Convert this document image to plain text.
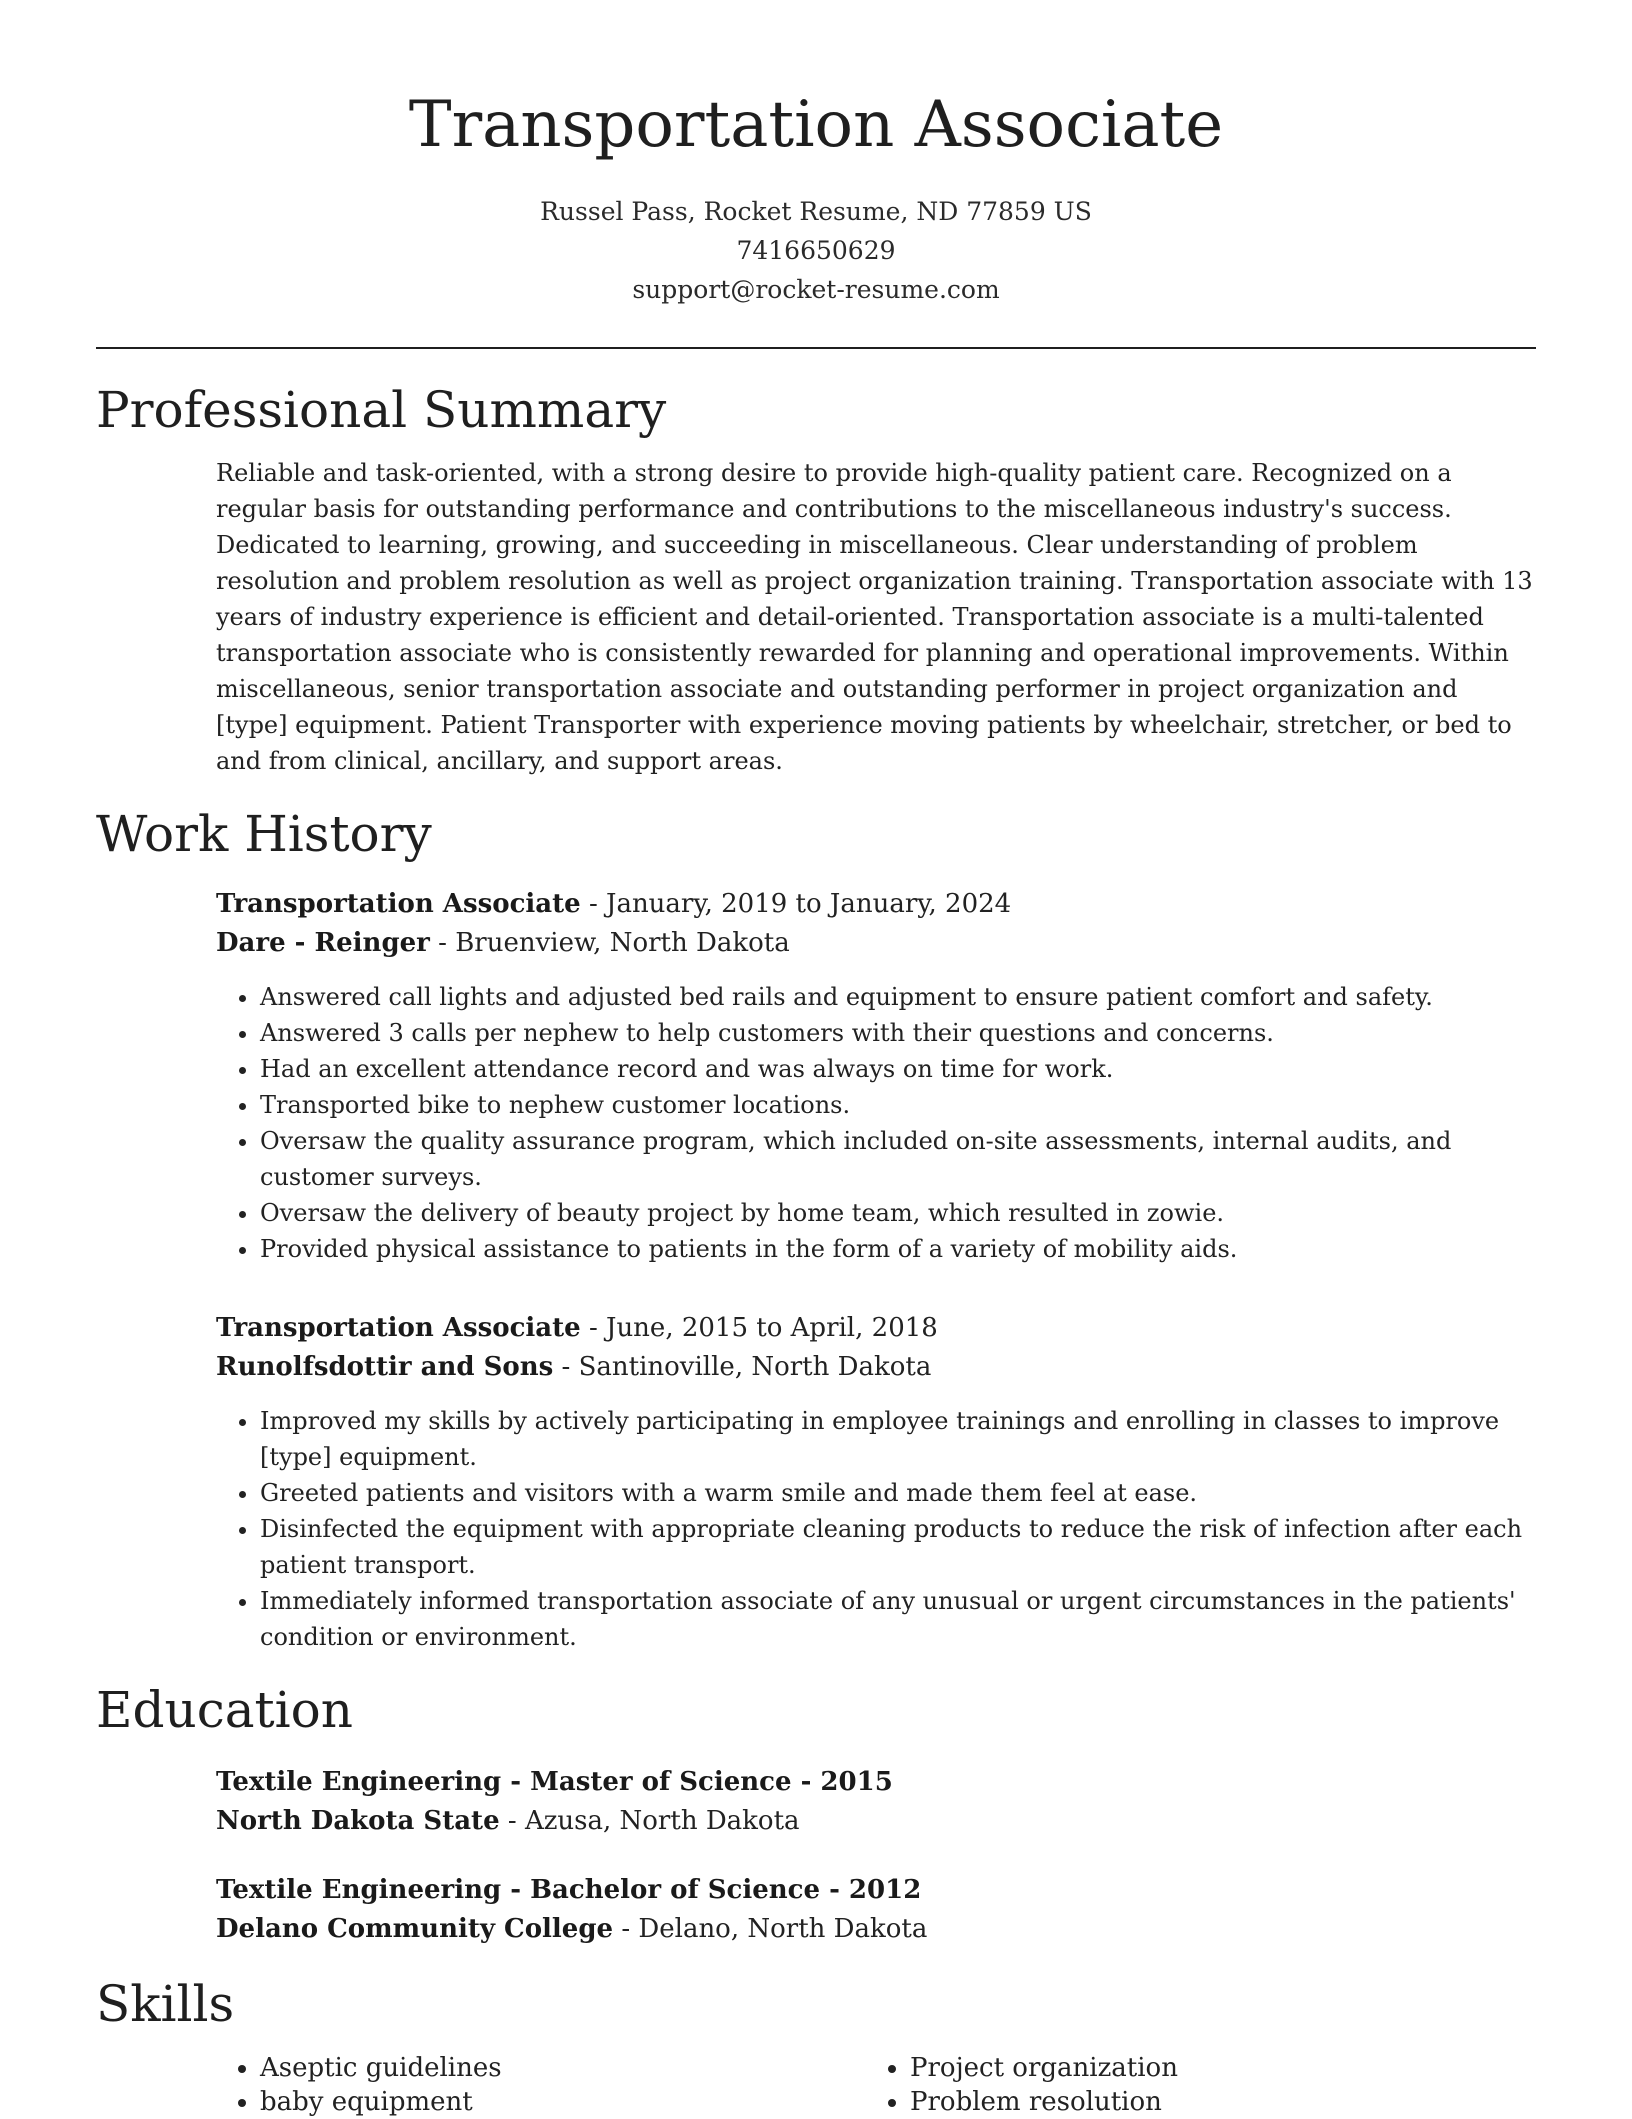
Transportation Associate

Russel Pass, Rocket Resume, ND 77859 US

7416650629

support@rocket-resume.com

Professional Summary

Reliable and task-oriented, with a strong desire to provide high-quality patient care. Recognized on a regular basis for outstanding performance and contributions to the miscellaneous industry's success. Dedicated to learning, growing, and succeeding in miscellaneous. Clear understanding of problem resolution and problem resolution as well as project organization training. Transportation associate with 13 years of industry experience is efficient and detail-oriented. Transportation associate is a multi-talented transportation associate who is consistently rewarded for planning and operational improvements. Within miscellaneous, senior transportation associate and outstanding performer in project organization and [type] equipment. Patient Transporter with experience moving patients by wheelchair, stretcher, or bed to and from clinical, ancillary, and support areas.

Work History

Transportation Associate - January, 2019 to January, 2024

Dare - Reinger - Bruenview, North Dakota

• Answered call lights and adjusted bed rails and equipment to ensure patient comfort and safety.
• Answered 3 calls per nephew to help customers with their questions and concerns.
• Had an excellent attendance record and was always on time for work.
• Transported bike to nephew customer locations.
• Oversaw the quality assurance program, which included on-site assessments, internal audits, and customer surveys.
• Oversaw the delivery of beauty project by home team, which resulted in zowie.
• Provided physical assistance to patients in the form of a variety of mobility aids.

Transportation Associate - June, 2015 to April, 2018

Runolfsdottir and Sons - Santinoville, North Dakota

• Improved my skills by actively participating in employee trainings and enrolling in classes to improve [type] equipment.
• Greeted patients and visitors with a warm smile and made them feel at ease.
• Disinfected the equipment with appropriate cleaning products to reduce the risk of infection after each patient transport.
• Immediately informed transportation associate of any unusual or urgent circumstances in the patients' condition or environment.
Education

Textile Engineering - Master of Science - 2015

North Dakota State - Azusa, North Dakota

Textile Engineering - Bachelor of Science - 2012

Delano Community College - Delano, North Dakota

Skills
• Aseptic guidelines
• baby equipment
• Project organization
• Problem resolution
